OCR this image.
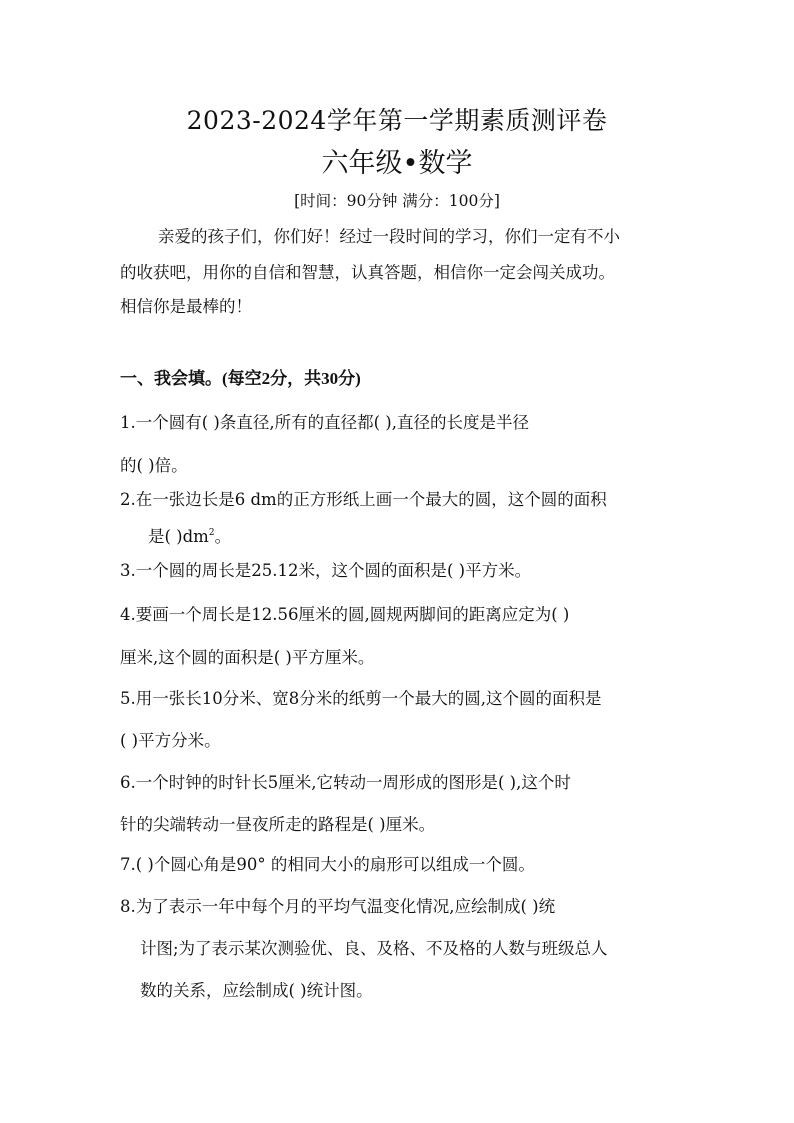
2023-2024学年第一学期素质测评卷
六年级•数学
[时间：90分钟 满分：100分]
亲爱的孩子们，你们好！经过一段时间的学习，你们一定有不小
的收获吧，用你的自信和智慧，认真答题，相信你一定会闯关成功。
相信你是最棒的！
一、我会填。(每空2分，共30分)
1.一个圆有( )条直径,所有的直径都( ),直径的长度是半径
的( )倍。
2.在一张边长是6 dm的正方形纸上画一个最大的圆，这个圆的面积
是( )$dm^2$。
3.一个圆的周长是25.12米，这个圆的面积是( )平方米。
4.要画一个周长是12.56厘米的圆,圆规两脚间的距离应定为( )
厘米,这个圆的面积是( )平方厘米。
5.用一张长10分米、宽8分米的纸剪一个最大的圆,这个圆的面积是
( )平方分米。
6.一个时钟的时针长5厘米,它转动一周形成的图形是( ),这个时
针的尖端转动一昼夜所走的路程是( )厘米。
7.( )个圆心角是90° 的相同大小的扇形可以组成一个圆。
8.为了表示一年中每个月的平均气温变化情况,应绘制成( )统
计图;为了表示某次测验优、良、及格、不及格的人数与班级总人
数的关系，应绘制成( )统计图。
